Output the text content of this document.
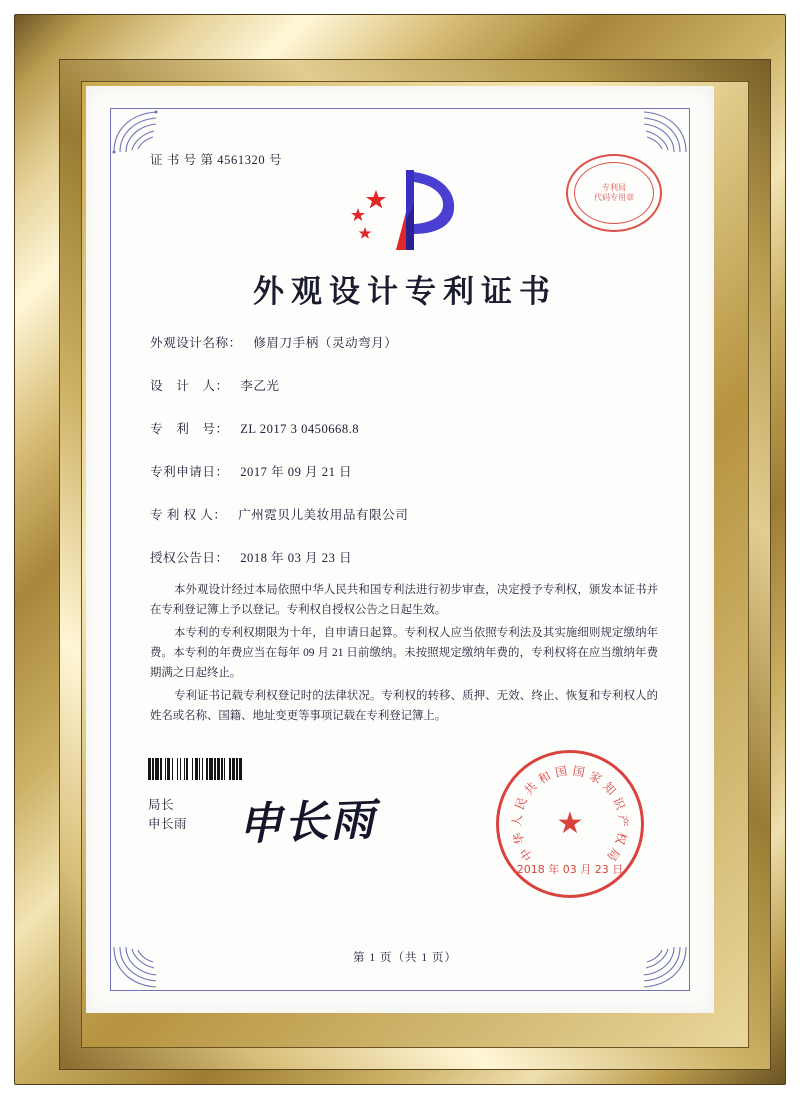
证 书 号 第 4561320 号
专利局
代码专用章
外观设计专利证书
外观设计名称： 修眉刀手柄（灵动弯月）
设　计　人： 李乙光
专　利　号： ZL 2017 3 0450668.8
专利申请日： 2017 年 09 月 21 日
专 利 权 人： 广州霓贝儿美妆用品有限公司
授权公告日： 2018 年 03 月 23 日

本外观设计经过本局依照中华人民共和国专利法进行初步审查，决定授予专利权，颁发本证书并在专利登记簿上予以登记。专利权自授权公告之日起生效。

本专利的专利权期限为十年，自申请日起算。专利权人应当依照专利法及其实施细则规定缴纳年费。本专利的年费应当在每年 09 月 21 日前缴纳。未按照规定缴纳年费的，专利权将在应当缴纳年费期满之日起终止。

专利证书记载专利权登记时的法律状况。专利权的转移、质押、无效、终止、恢复和专利权人的姓名或名称、国籍、地址变更等事项记载在专利登记簿上。

局长
申长雨 申长雨
中
华
人
民
共
和 国 国 家
知
识
产
权
局
★
2018 年 03 月 23 日
第 1 页（共 1 页）
